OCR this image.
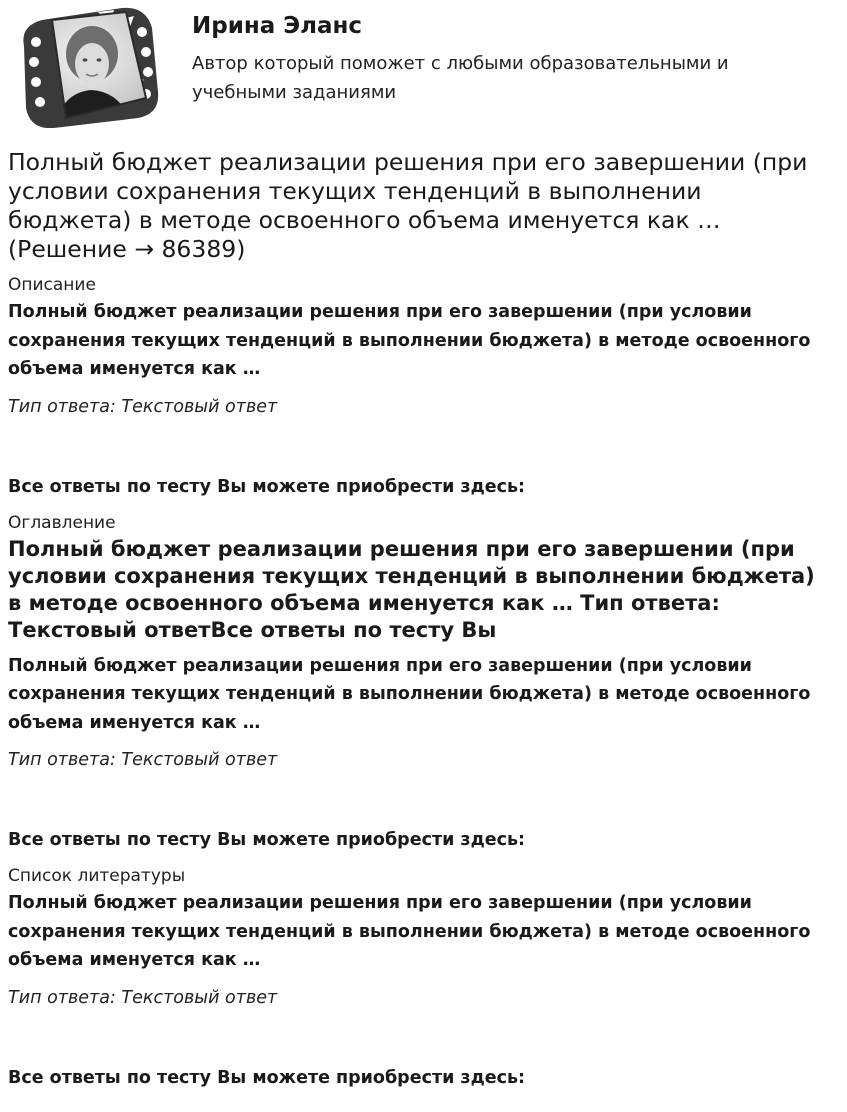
Ирина Эланс
Автор который поможет с любыми образовательными и учебными заданиями
Полный бюджет реализации решения при его завершении (при условии сохранения текущих тенденций в выполнении бюджета) в методе освоенного объема именуется как … (Решение → 86389)
Описание

Полный бюджет реализации решения при его завершении (при условии сохранения текущих тенденций в выполнении бюджета) в методе освоенного объема именуется как …

Тип ответа: Текстовый ответ

Все ответы по тесту Вы можете приобрести здесь:
Оглавление
Полный бюджет реализации решения при его завершении (при условии сохранения текущих тенденций в выполнении бюджета) в методе освоенного объема именуется как … Тип ответа: Текстовый ответВсе ответы по тесту Вы

Полный бюджет реализации решения при его завершении (при условии сохранения текущих тенденций в выполнении бюджета) в методе освоенного объема именуется как …

Тип ответа: Текстовый ответ

Все ответы по тесту Вы можете приобрести здесь:
Список литературы

Полный бюджет реализации решения при его завершении (при условии сохранения текущих тенденций в выполнении бюджета) в методе освоенного объема именуется как …

Тип ответа: Текстовый ответ

Все ответы по тесту Вы можете приобрести здесь:
